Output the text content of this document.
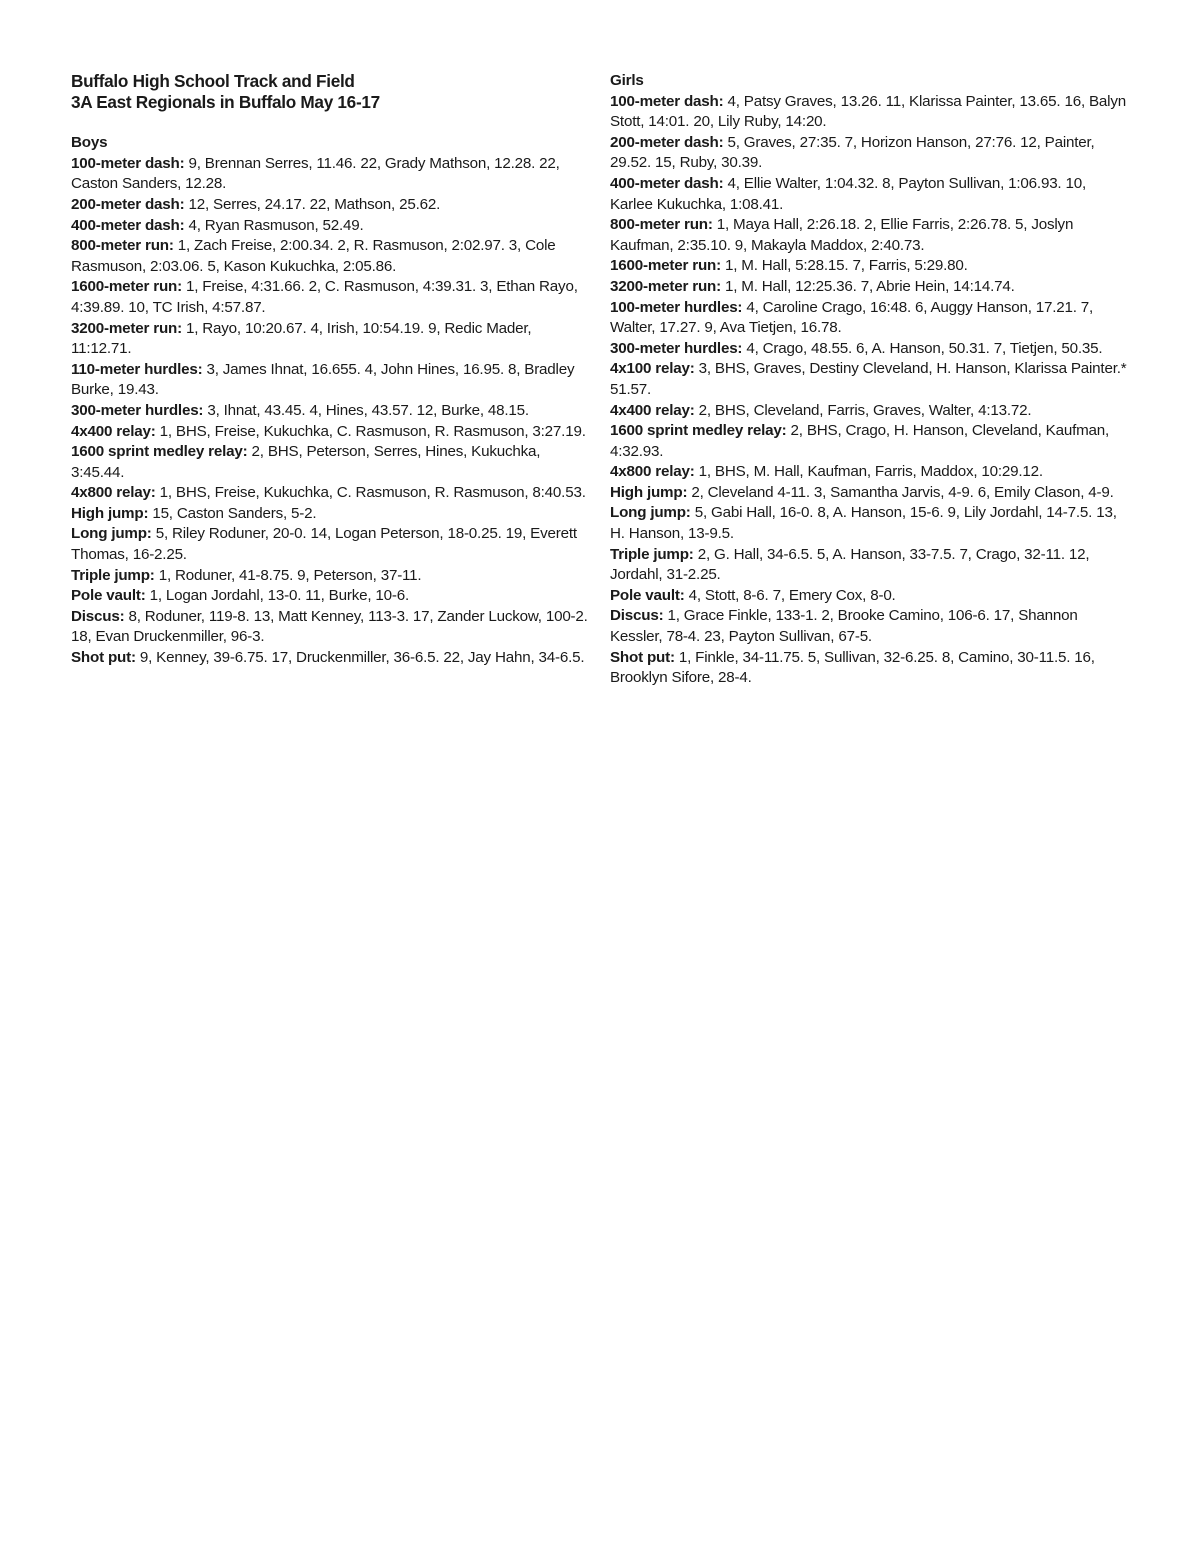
Buffalo High School Track and Field

3A East Regionals in Buffalo May 16-17

Boys

100-meter dash: 9, Brennan Serres, 11.46. 22, Grady Mathson, 12.28. 22, Caston Sanders, 12.28.

200-meter dash: 12, Serres, 24.17. 22, Mathson, 25.62.

400-meter dash: 4, Ryan Rasmuson, 52.49.

800-meter run: 1, Zach Freise, 2:00.34. 2, R. Rasmuson, 2:02.97. 3, Cole Rasmuson, 2:03.06. 5, Kason Kukuchka, 2:05.86.

1600-meter run: 1, Freise, 4:31.66. 2, C. Rasmuson, 4:39.31. 3, Ethan Rayo, 4:39.89. 10, TC Irish, 4:57.87.

3200-meter run: 1, Rayo, 10:20.67. 4, Irish, 10:54.19. 9, Redic Mader, 11:12.71.

110-meter hurdles: 3, James Ihnat, 16.655. 4, John Hines, 16.95. 8, Bradley Burke, 19.43.

300-meter hurdles: 3, Ihnat, 43.45. 4, Hines, 43.57. 12, Burke, 48.15.

4x400 relay: 1, BHS, Freise, Kukuchka, C. Rasmuson, R. Rasmuson, 3:27.19.

1600 sprint medley relay: 2, BHS, Peterson, Serres, Hines, Kukuchka, 3:45.44.

4x800 relay: 1, BHS, Freise, Kukuchka, C. Rasmuson, R. Rasmuson, 8:40.53.

High jump: 15, Caston Sanders, 5-2.

Long jump: 5, Riley Roduner, 20-0. 14, Logan Peterson, 18-0.25. 19, Everett Thomas, 16-2.25.

Triple jump: 1, Roduner, 41-8.75. 9, Peterson, 37-11.

Pole vault: 1, Logan Jordahl, 13-0. 11, Burke, 10-6.

Discus: 8, Roduner, 119-8. 13, Matt Kenney, 113-3. 17, Zander Luckow, 100-2. 18, Evan Druckenmiller, 96-3.

Shot put: 9, Kenney, 39-6.75. 17, Druckenmiller, 36-6.5. 22, Jay Hahn, 34-6.5.

Girls

100-meter dash: 4, Patsy Graves, 13.26. 11, Klarissa Painter, 13.65. 16, Balyn Stott, 14:01. 20, Lily Ruby, 14:20.

200-meter dash: 5, Graves, 27:35. 7, Horizon Hanson, 27:76. 12, Painter, 29.52. 15, Ruby, 30.39.

400-meter dash: 4, Ellie Walter, 1:04.32. 8, Payton Sullivan, 1:06.93. 10, Karlee Kukuchka, 1:08.41.

800-meter run: 1, Maya Hall, 2:26.18. 2, Ellie Farris, 2:26.78. 5, Joslyn Kaufman, 2:35.10. 9, Makayla Maddox, 2:40.73.

1600-meter run: 1, M. Hall, 5:28.15. 7, Farris, 5:29.80.

3200-meter run: 1, M. Hall, 12:25.36. 7, Abrie Hein, 14:14.74.

100-meter hurdles: 4, Caroline Crago, 16:48. 6, Auggy Hanson, 17.21. 7, Walter, 17.27. 9, Ava Tietjen, 16.78.

300-meter hurdles: 4, Crago, 48.55. 6, A. Hanson, 50.31. 7, Tietjen, 50.35.

4x100 relay: 3, BHS, Graves, Destiny Cleveland, H. Hanson, Klarissa Painter.* 51.57.

4x400 relay: 2, BHS, Cleveland, Farris, Graves, Walter, 4:13.72.

1600 sprint medley relay: 2, BHS, Crago, H. Hanson, Cleveland, Kaufman, 4:32.93.

4x800 relay: 1, BHS, M. Hall, Kaufman, Farris, Maddox, 10:29.12.

High jump: 2, Cleveland 4-11. 3, Samantha Jarvis, 4-9. 6, Emily Clason, 4-9.

Long jump: 5, Gabi Hall, 16-0. 8, A. Hanson, 15-6. 9, Lily Jordahl, 14-7.5. 13, H. Hanson, 13-9.5.

Triple jump: 2, G. Hall, 34-6.5. 5, A. Hanson, 33-7.5. 7, Crago, 32-11. 12, Jordahl, 31-2.25.

Pole vault: 4, Stott, 8-6. 7, Emery Cox, 8-0.

Discus: 1, Grace Finkle, 133-1. 2, Brooke Camino, 106-6. 17, Shannon Kessler, 78-4. 23, Payton Sullivan, 67-5.

Shot put: 1, Finkle, 34-11.75. 5, Sullivan, 32-6.25. 8, Camino, 30-11.5. 16, Brooklyn Sifore, 28-4.
